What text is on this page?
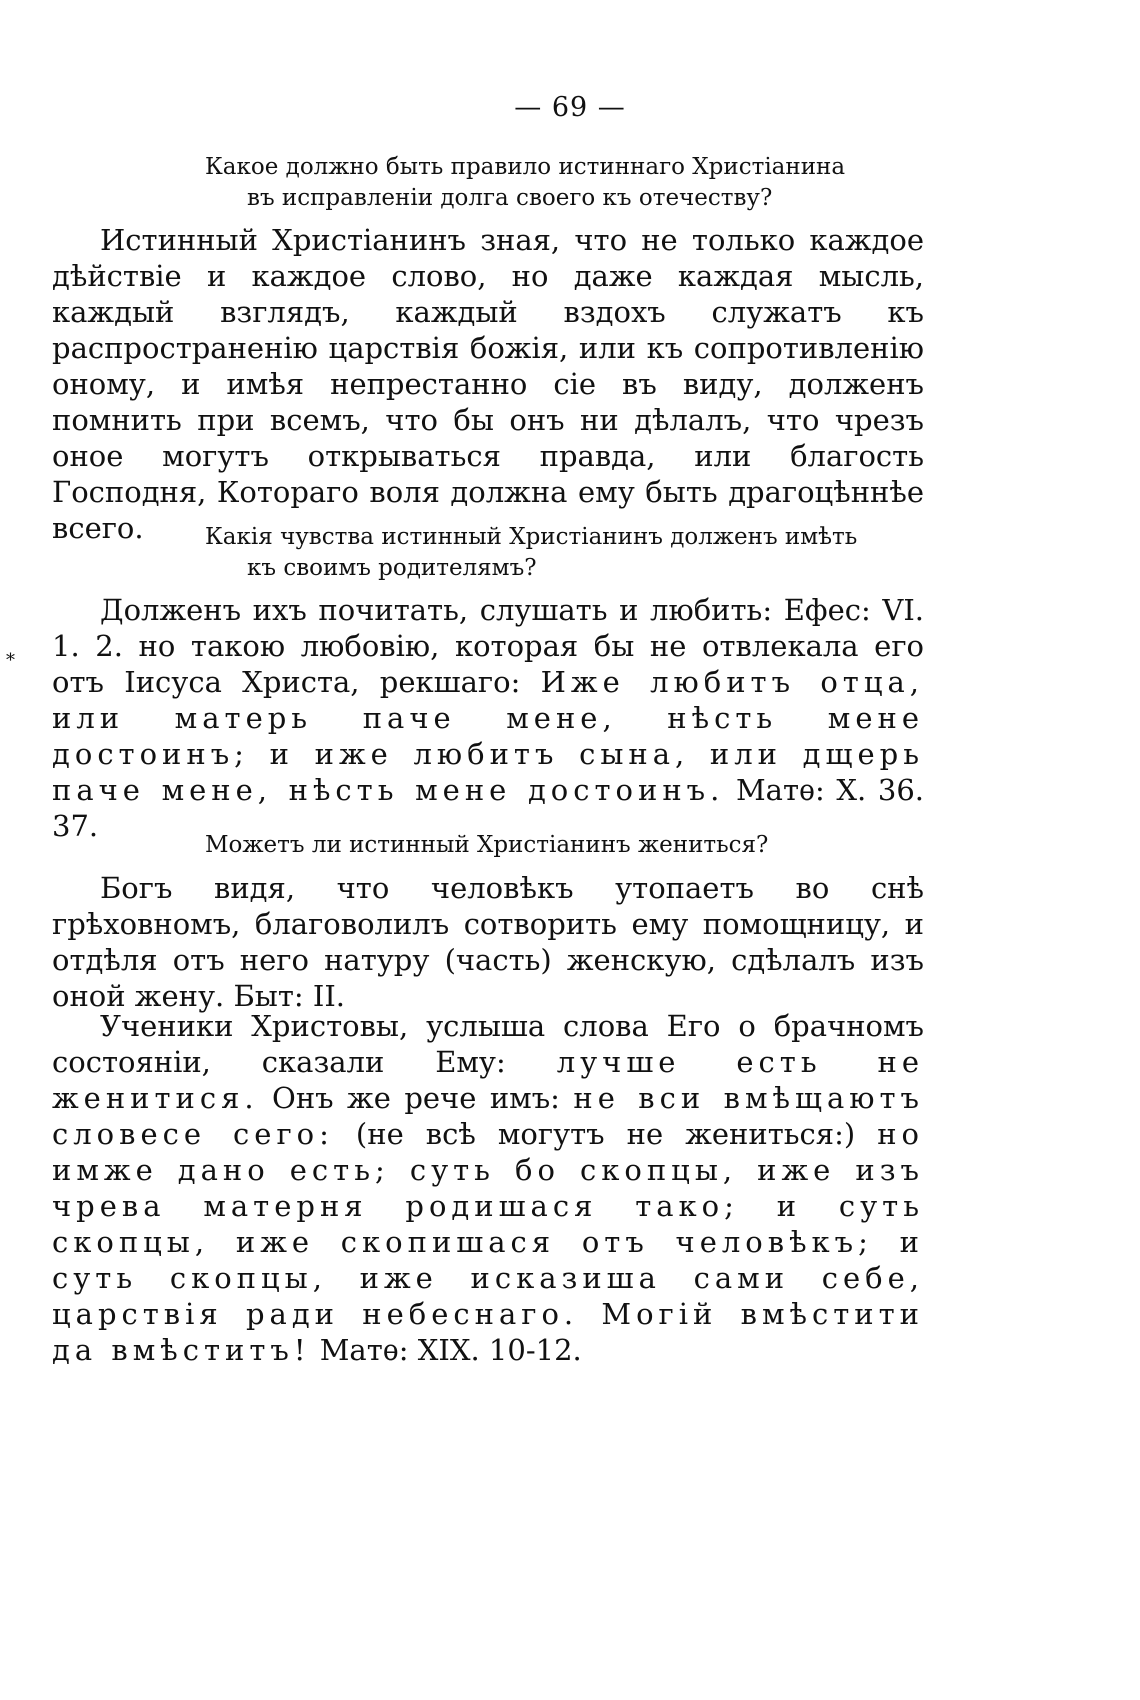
— 69 —
Какое должно быть правило истиннаго Христіанина
въ исправленіи долга своего къ отечеству?

Истинный Христіанинъ зная, что не только каждое дѣйствіе и каждое слово, но даже каждая мысль, каждый взглядъ, каждый вздохъ служатъ къ распространенію царствія божія, или къ сопротивленію оному, и имѣя непрестанно сіе въ виду, долженъ помнить при всемъ, что бы онъ ни дѣлалъ, что чрезъ оное могутъ открываться правда, или благость Господня, Котораго воля должна ему быть драгоцѣннѣе всего.	Какія чувства истинный Христіанинъ долженъ имѣть
къ своимъ родителямъ?
*

Долженъ ихъ почитать, слушать и любить: Ефес: VI. 1. 2. но такою любовію, которая бы не отвлекала его отъ Іисуса Христа, рекшаго: Иже любитъ отца, или матерь паче мене, нѣсть мене достоинъ; и иже любитъ сына, или дщерь паче мене, нѣсть мене достоинъ. Матѳ: X. 36. 37.

Можетъ ли истинный Христіанинъ жениться?

Богъ видя, что человѣкъ утопаетъ во снѣ грѣховномъ, благоволилъ сотворить ему помощницу, и отдѣля отъ него натуру (часть) женскую, сдѣлалъ изъ оной жену. Быт: II.

Ученики Христовы, услыша слова Его о брачномъ состояніи, сказали Ему: лучше есть не женитися. Онъ же рече имъ: не вси вмѣщаютъ словесе сего: (не всѣ могутъ не жениться:) но имже дано есть; суть бо скопцы, иже изъ чрева матерня родишася тако; и суть скопцы, иже скопишася отъ человѣкъ; и суть скопцы, иже исказиша сами себе, царствія ради небеснаго. Могій вмѣстити да вмѣститъ! Матѳ: XIX. 10-12.
